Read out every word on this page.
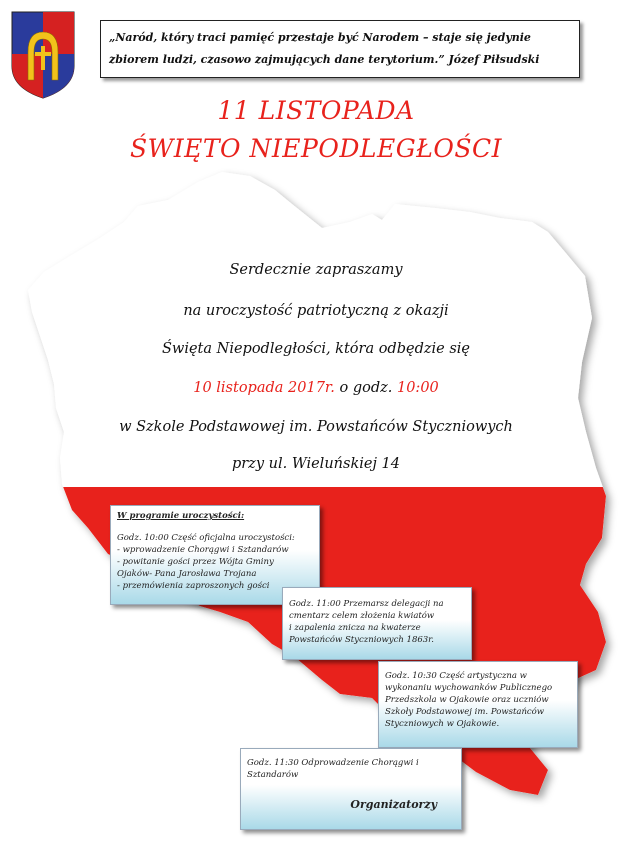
„Naród, który traci pamięć przestaje być Narodem – staje się jedynie
zbiorem ludzi, czasowo zajmujących dane terytorium.” Józef Piłsudski
11 LISTOPADA
ŚWIĘTO NIEPODLEGŁOŚCI
Serdecznie zapraszamy
na uroczystość patriotyczną z okazji
Święta Niepodległości, która odbędzie się
10 listopada 2017r. o godz. 10:00
w Szkole Podstawowej im. Powstańców Styczniowych
przy ul. Wieluńskiej 14
W programie uroczystości:
Godz. 10:00 Część oficjalna uroczystości:
- wprowadzenie Chorągwi i Sztandarów
- powitanie gości przez Wójta Gminy
Ojaków- Pana Jarosława Trojana
- przemówienia zaproszonych gości
Godz. 11:00 Przemarsz delegacji na
cmentarz celem złożenia kwiatów
i zapalenia znicza na kwaterze
Powstańców Styczniowych 1863r.
Godz. 10:30 Część artystyczna w
wykonaniu wychowanków Publicznego
Przedszkola w Ojakowie oraz uczniów
Szkoły Podstawowej im. Powstańców
Styczniowych w Ojakowie.
Godz. 11:30 Odprowadzenie Chorągwi i
Sztandarów
Organizatorzy
